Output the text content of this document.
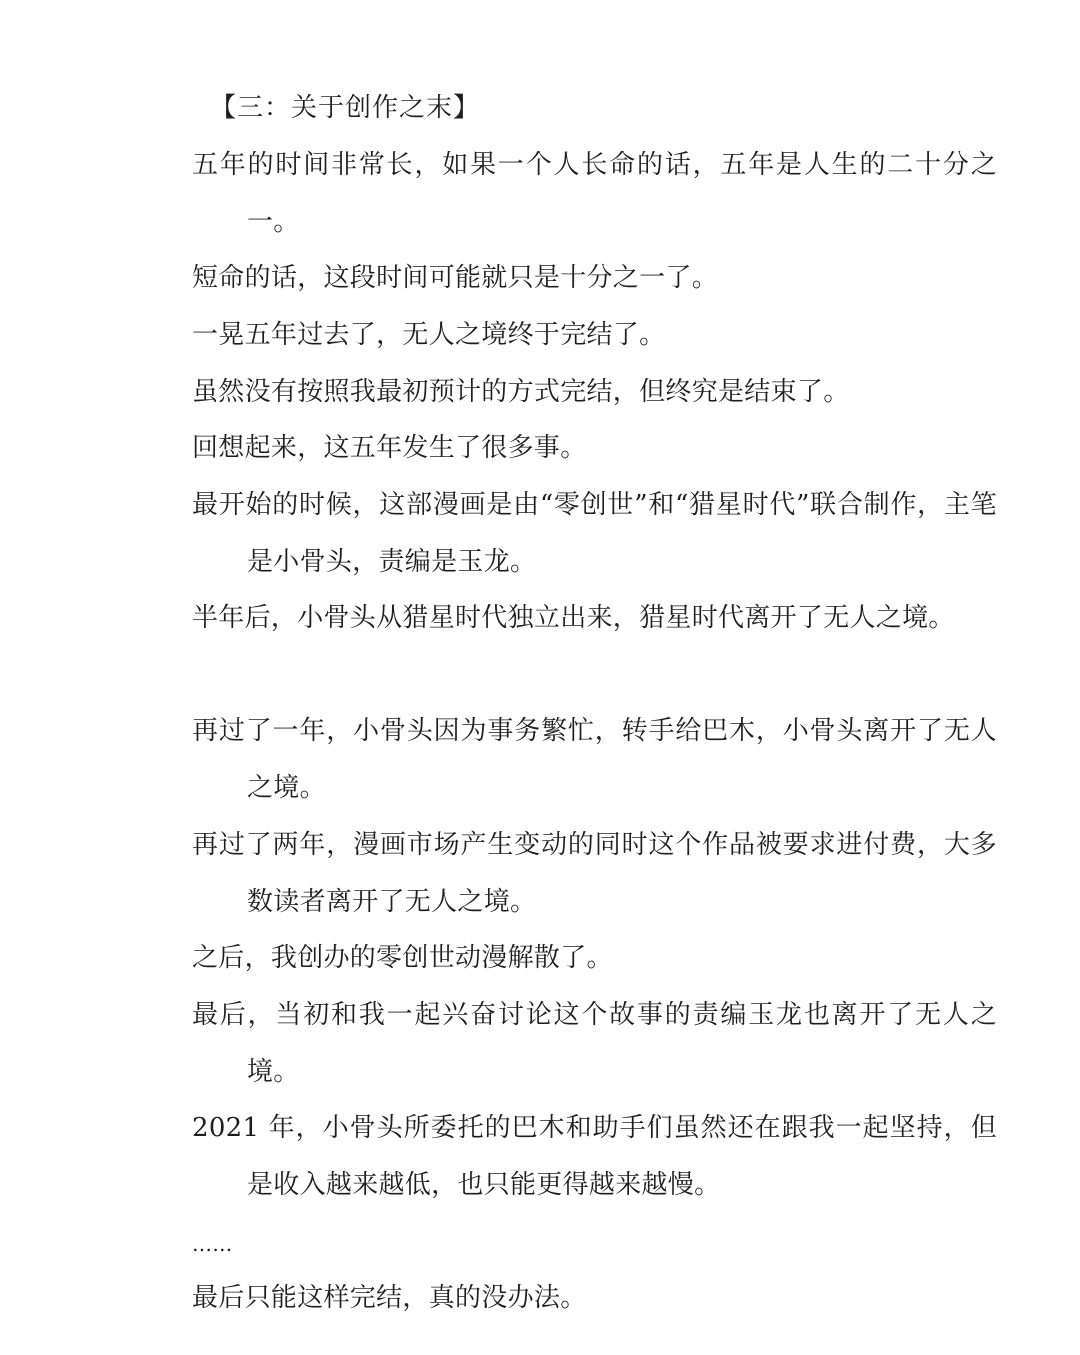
【三：关于创作之末】

五年的时间非常长，如果一个人长命的话，五年是人生的二十分之一。

短命的话，这段时间可能就只是十分之一了。

一晃五年过去了，无人之境终于完结了。

虽然没有按照我最初预计的方式完结，但终究是结束了。

回想起来，这五年发生了很多事。

最开始的时候，这部漫画是由“零创世”和“猎星时代”联合制作，主笔是小骨头，责编是玉龙。

半年后，小骨头从猎星时代独立出来，猎星时代离开了无人之境。

再过了一年，小骨头因为事务繁忙，转手给巴木，小骨头离开了无人之境。

再过了两年，漫画市场产生变动的同时这个作品被要求进付费，大多数读者离开了无人之境。

之后，我创办的零创世动漫解散了。

最后，当初和我一起兴奋讨论这个故事的责编玉龙也离开了无人之境。

2021 年，小骨头所委托的巴木和助手们虽然还在跟我一起坚持，但是收入越来越低，也只能更得越来越慢。

……

最后只能这样完结，真的没办法。
